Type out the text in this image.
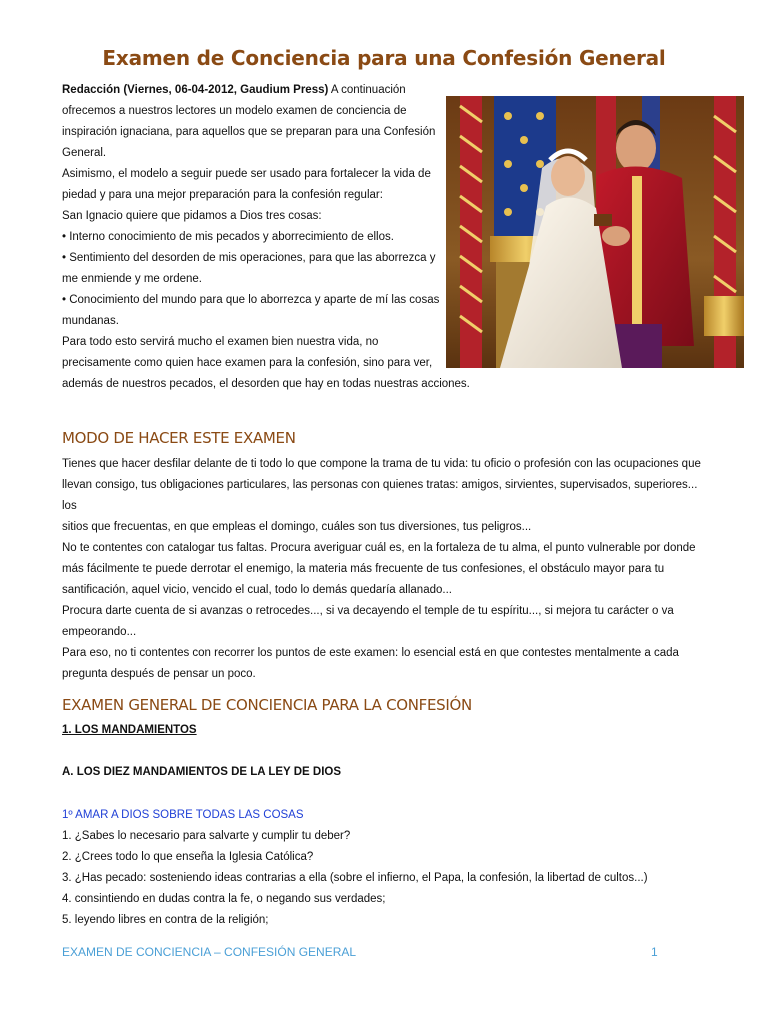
Examen de Conciencia para una Confesión General

Redacción (Viernes, 06-04-2012, Gaudium Press) A continuación

ofrecemos a nuestros lectores un modelo examen de conciencia de

inspiración ignaciana, para aquellos que se preparan para una Confesión

General.

Asimismo, el modelo a seguir puede ser usado para fortalecer la vida de

piedad y para una mejor preparación para la confesión regular:

San Ignacio quiere que pidamos a Dios tres cosas:

• Interno conocimiento de mis pecados y aborrecimiento de ellos.

• Sentimiento del desorden de mis operaciones, para que las aborrezca y

me enmiende y me ordene.

• Conocimiento del mundo para que lo aborrezca y aparte de mí las cosas

mundanas.

Para todo esto servirá mucho el examen bien nuestra vida, no

precisamente como quien hace examen para la confesión, sino para ver,

además de nuestros pecados, el desorden que hay en todas nuestras acciones.

MODO DE HACER ESTE EXAMEN

Tienes que hacer desfilar delante de ti todo lo que compone la trama de tu vida: tu oficio o profesión con las ocupaciones que

llevan consigo, tus obligaciones particulares, las personas con quienes tratas: amigos, sirvientes, supervisados, superiores... los

sitios que frecuentas, en que empleas el domingo, cuáles son tus diversiones, tus peligros...

No te contentes con catalogar tus faltas. Procura averiguar cuál es, en la fortaleza de tu alma, el punto vulnerable por donde

más fácilmente te puede derrotar el enemigo, la materia más frecuente de tus confesiones, el obstáculo mayor para tu

santificación, aquel vicio, vencido el cual, todo lo demás quedaría allanado...

Procura darte cuenta de si avanzas o retrocedes..., si va decayendo el temple de tu espíritu..., si mejora tu carácter o va

empeorando...

Para eso, no ti contentes con recorrer los puntos de este examen: lo esencial está en que contestes mentalmente a cada

pregunta después de pensar un poco.

EXAMEN GENERAL DE CONCIENCIA PARA LA CONFESIÓN
1. LOS MANDAMIENTOS
A. LOS DIEZ MANDAMIENTOS DE LA LEY DE DIOS
1º AMAR A DIOS SOBRE TODAS LAS COSAS

1. ¿Sabes lo necesario para salvarte y cumplir tu deber?

2. ¿Crees todo lo que enseña la Iglesia Católica?

3. ¿Has pecado: sosteniendo ideas contrarias a ella (sobre el infierno, el Papa, la confesión, la libertad de cultos...)

4. consintiendo en dudas contra la fe, o negando sus verdades;

5. leyendo libres en contra de la religión;

EXAMEN DE CONCIENCIA – CONFESIÓN GENERAL	1
